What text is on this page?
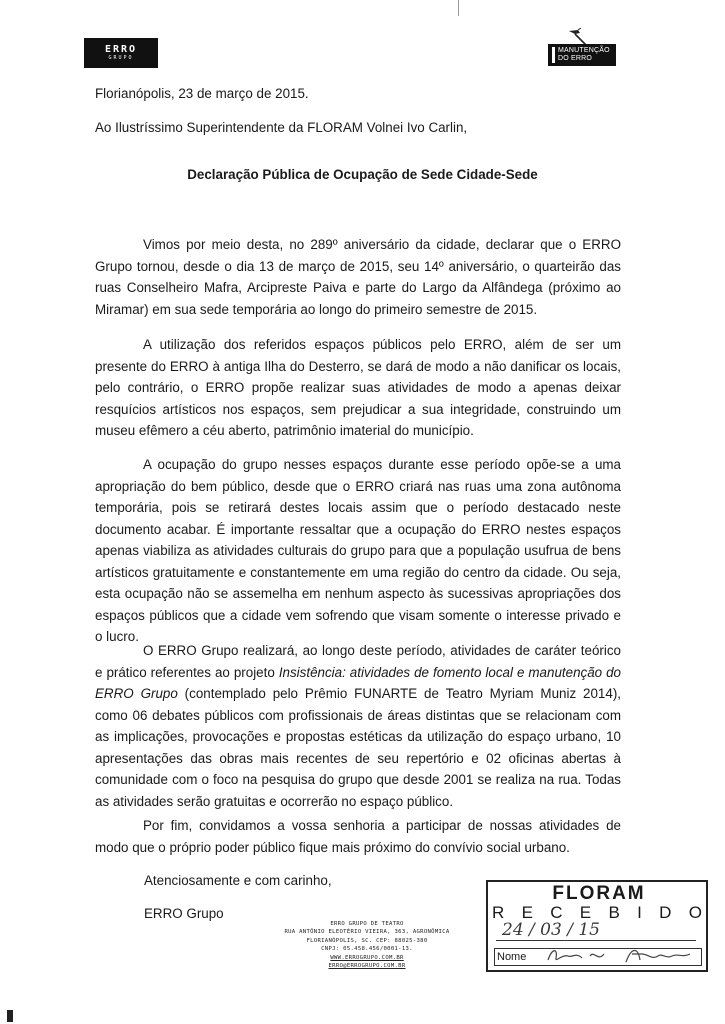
ERRO
GRUPO
MANUTENÇÃO
DO ERRO
Florianópolis, 23 de março de 2015.
Ao Ilustríssimo Superintendente da FLORAM Volnei Ivo Carlin,
Declaração Pública de Ocupação de Sede Cidade-Sede

Vimos por meio desta, no 289º aniversário da cidade, declarar que o ERRO Grupo tornou, desde o dia 13 de março de 2015, seu 14º aniversário, o quarteirão das ruas Conselheiro Mafra, Arcipreste Paiva e parte do Largo da Alfândega (próximo ao Miramar) em sua sede temporária ao longo do primeiro semestre de 2015.

A utilização dos referidos espaços públicos pelo ERRO, além de ser um presente do ERRO à antiga Ilha do Desterro, se dará de modo a não danificar os locais, pelo contrário, o ERRO propõe realizar suas atividades de modo a apenas deixar resquícios artísticos nos espaços, sem prejudicar a sua integridade, construindo um museu efêmero a céu aberto, patrimônio imaterial do município.

A ocupação do grupo nesses espaços durante esse período opõe-se a uma apropriação do bem público, desde que o ERRO criará nas ruas uma zona autônoma temporária, pois se retirará destes locais assim que o período destacado neste documento acabar. É importante ressaltar que a ocupação do ERRO nestes espaços apenas viabiliza as atividades culturais do grupo para que a população usufrua de bens artísticos gratuitamente e constantemente em uma região do centro da cidade. Ou seja, esta ocupação não se assemelha em nenhum aspecto às sucessivas apropriações dos espaços públicos que a cidade vem sofrendo que visam somente o interesse privado e o lucro.

O ERRO Grupo realizará, ao longo deste período, atividades de caráter teórico e prático referentes ao projeto Insistência: atividades de fomento local e manutenção do ERRO Grupo (contemplado pelo Prêmio FUNARTE de Teatro Myriam Muniz 2014), como 06 debates públicos com profissionais de áreas distintas que se relacionam com as implicações, provocações e propostas estéticas da utilização do espaço urbano, 10 apresentações das obras mais recentes de seu repertório e 02 oficinas abertas à comunidade com o foco na pesquisa do grupo que desde 2001 se realiza na rua. Todas as atividades serão gratuitas e ocorrerão no espaço público.

Por fim, convidamos a vossa senhoria a participar de nossas atividades de modo que o próprio poder público fique mais próximo do convívio social urbano.

Atenciosamente e com carinho,
ERRO Grupo
ERRO GRUPO DE TEATRO
RUA ANTÔNIO ELEOTÉRIO VIEIRA, 363, AGRONÔMICA
FLORIANÓPOLIS, SC. CEP: 88025-380
CNPJ: 05.458.456/0001-13.
WWW.ERROGRUPO.COM.BR
ERRO@ERROGRUPO.COM.BR
FLORAM
R E C E B I D O
24 / 03 / 15
Nome
